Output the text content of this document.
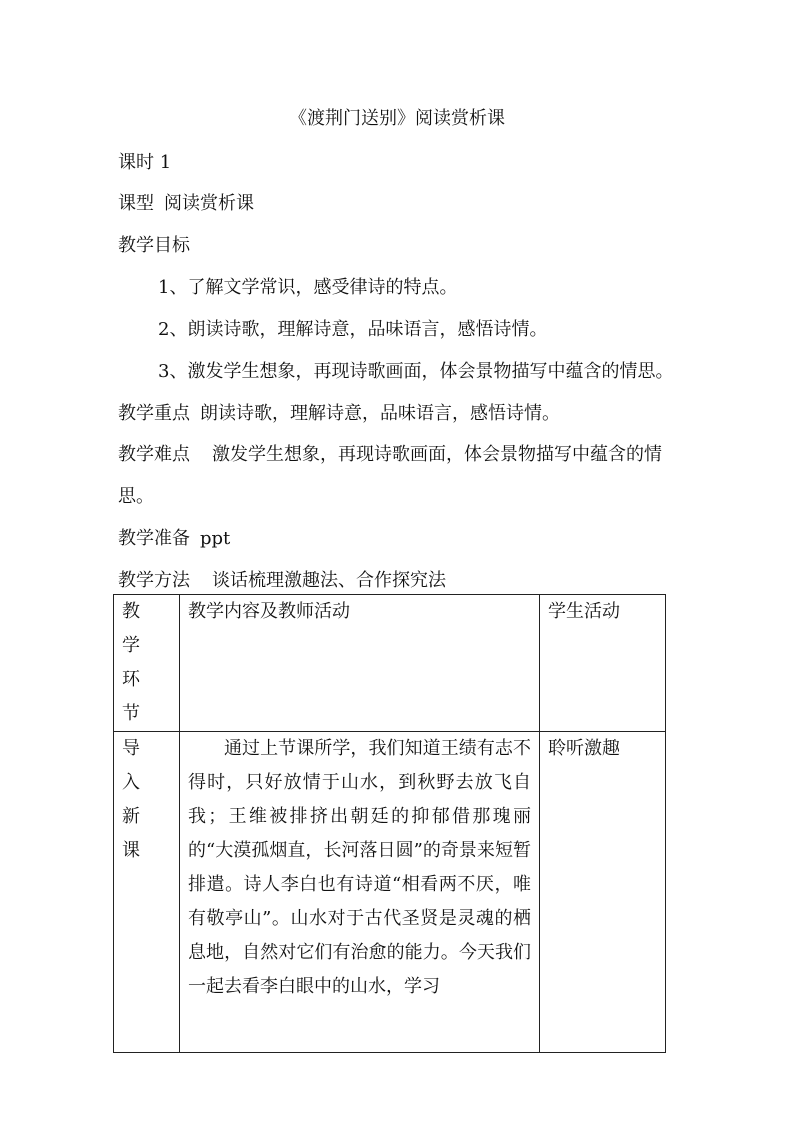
《渡荆门送别》阅读赏析课
课时 1
课型 阅读赏析课
教学目标
1、了解文学常识，感受律诗的特点。
2、朗读诗歌，理解诗意，品味语言，感悟诗情。
3、激发学生想象，再现诗歌画面，体会景物描写中蕴含的情思。
教学重点 朗读诗歌，理解诗意，品味语言，感悟诗情。
教学难点 激发学生想象，再现诗歌画面，体会景物描写中蕴含的情
思。
教学准备 ppt
教学方法 谈话梳理激趣法、合作探究法
教学环节	教学内容及教师活动	学生活动
导入新课	通过上节课所学，我们知道王绩有志不得时，只好放情于山水，到秋野去放飞自我；王维被排挤出朝廷的抑郁借那瑰丽的“大漠孤烟直，长河落日圆”的奇景来短暂排遣。诗人李白也有诗道“相看两不厌，唯有敬亭山”。山水对于古代圣贤是灵魂的栖息地，自然对它们有治愈的能力。今天我们一起去看李白眼中的山水，学习	聆听激趣
